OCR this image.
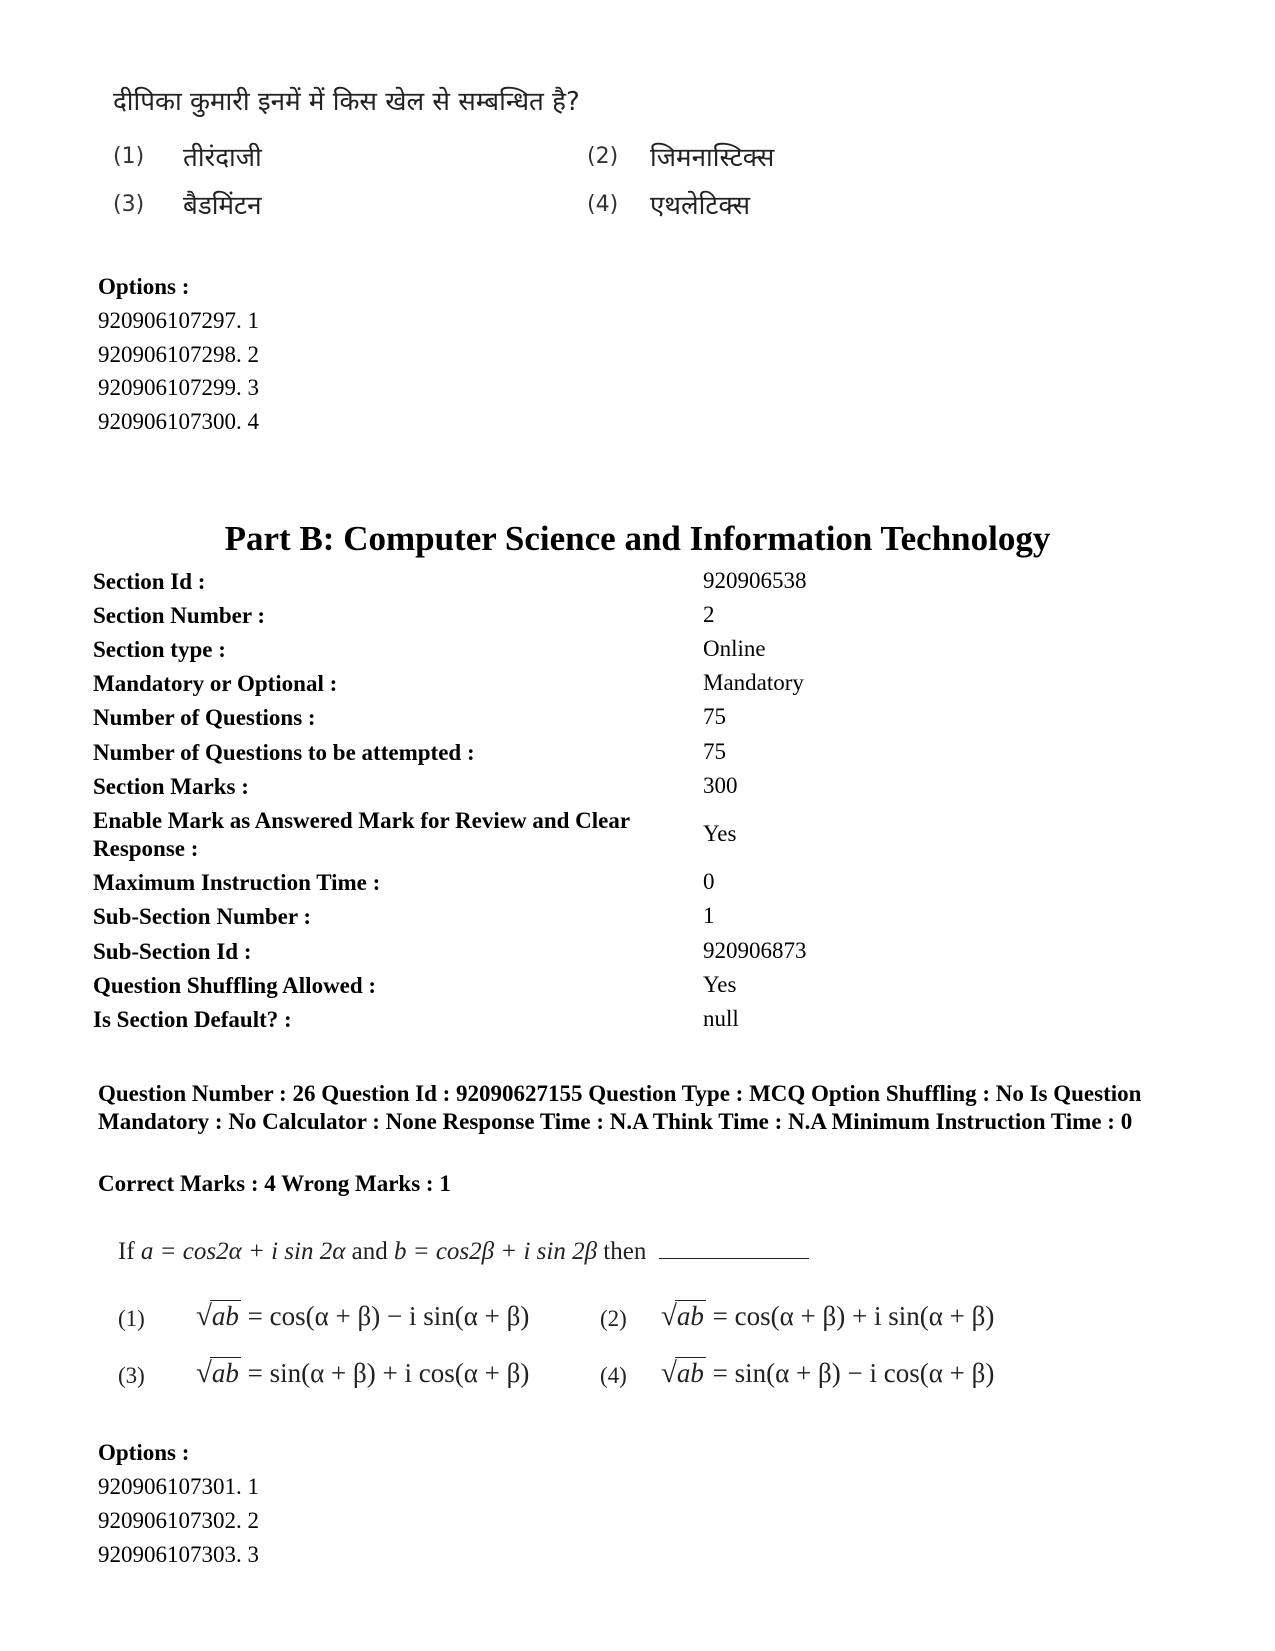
दीपिका कुमारी इनमें में किस खेल से सम्बन्धित है?
(1) तीरंदाजी	(2) जिमनास्टिक्स
(3) बैडमिंटन	(4) एथलेटिक्स
Options :
920906107297. 1
920906107298. 2
920906107299. 3
920906107300. 4
Part B: Computer Science and Information Technology
Section Id :	920906538
Section Number :	2
Section type :	Online
Mandatory or Optional :	Mandatory
Number of Questions :	75
Number of Questions to be attempted :	75
Section Marks :	300
Enable Mark as Answered Mark for Review and Clear Response :
Yes
Maximum Instruction Time :	0
Sub-Section Number :	1
Sub-Section Id :	920906873
Question Shuffling Allowed :	Yes
Is Section Default? :	null
Question Number : 26 Question Id : 92090627155 Question Type : MCQ Option Shuffling : No Is Question Mandatory : No Calculator : None Response Time : N.A Think Time : N.A Minimum Instruction Time : 0
Correct Marks : 4 Wrong Marks : 1
If a = cos2α + i sin 2α and b = cos2β + i sin 2β then
(1) √ab = cos(α + β) − i sin(α + β)	(2) √ab = cos(α + β) + i sin(α + β)
(3) √ab = sin(α + β) + i cos(α + β)	(4) √ab = sin(α + β) − i cos(α + β)
Options :
920906107301. 1
920906107302. 2
920906107303. 3
